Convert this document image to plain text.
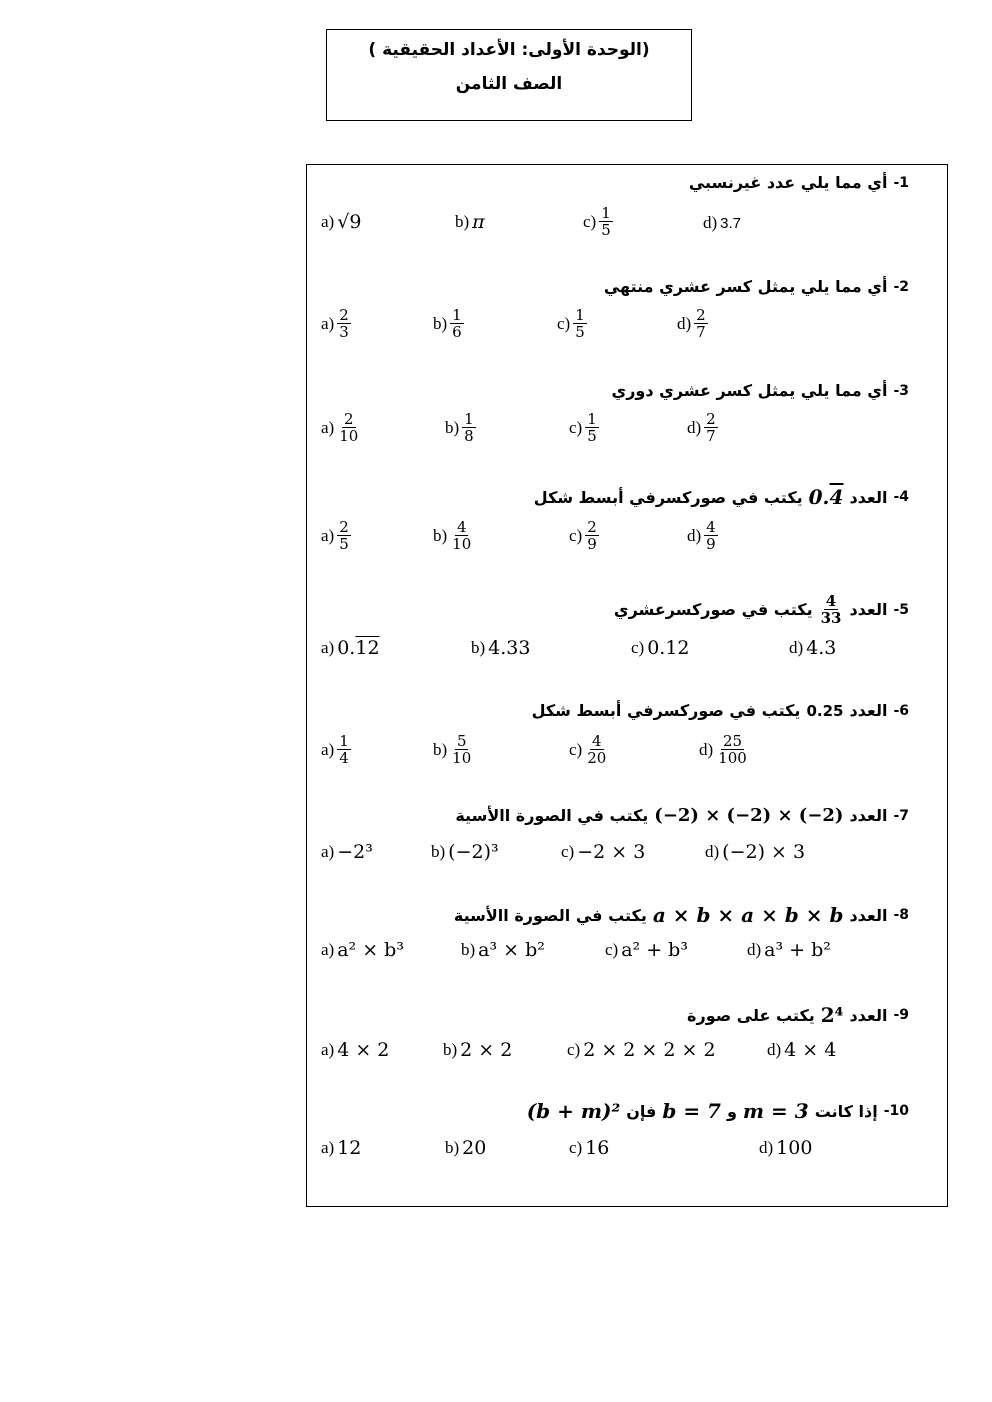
(الوحدة الأولى: الأعداد الحقيقية )
الصف الثامن
أي مما يلي عدد غيرنسبي -1
a) √9	b) π	$c) \frac{1}{5}$	d) 3.7
أي مما يلي يمثل كسر عشري منتهي -2
$a) \frac{2}{3}$	$b) \frac{1}{6}$	$c) \frac{1}{5}$	$d) \frac{2}{7}$
أي مما يلي يمثل كسر عشري دوري -3
$a) \frac{2}{10}$	$b) \frac{1}{8}$	$c) \frac{1}{5}$	$d) \frac{2}{7}$
العدد
0.4
يكتب في صوركسرفي أبسط شكل	-4
$a) \frac{2}{5}$	$b) \frac{4}{10}$	$c) \frac{2}{9}$	$d) \frac{4}{9}$
العدد
$\frac{4}{33}$
يكتب في صوركسرعشري	-5
a) 0.12	b) 4.33	c) 0.12	d) 4.3
العدد
0.25
يكتب في صوركسرفي أبسط شكل	-6
$a) \frac{1}{4}$	$b) \frac{5}{10}$	$c) \frac{4}{20}$	$d) \frac{25}{100}$
العدد
(−2) × (−2) × (−2)
يكتب في الصورة االأسية	-7
a) −2³	b) (−2)³	c) −2 × 3	d) (−2) × 3
العدد
a × b × a × b × b
يكتب في الصورة االأسية	-8
a) a² × b³	b) a³ × b²	c) a² + b³	d) a³ + b²
العدد
2⁴
يكتب على صورة	-9
a) 4 × 2	b) 2 × 2	c) 2 × 2 × 2 × 2	d) 4 × 4
إذا كانت
m = 3
و
b = 7
فإن
(b + m)²	-10
a) 12	b) 20	c) 16	d) 100
